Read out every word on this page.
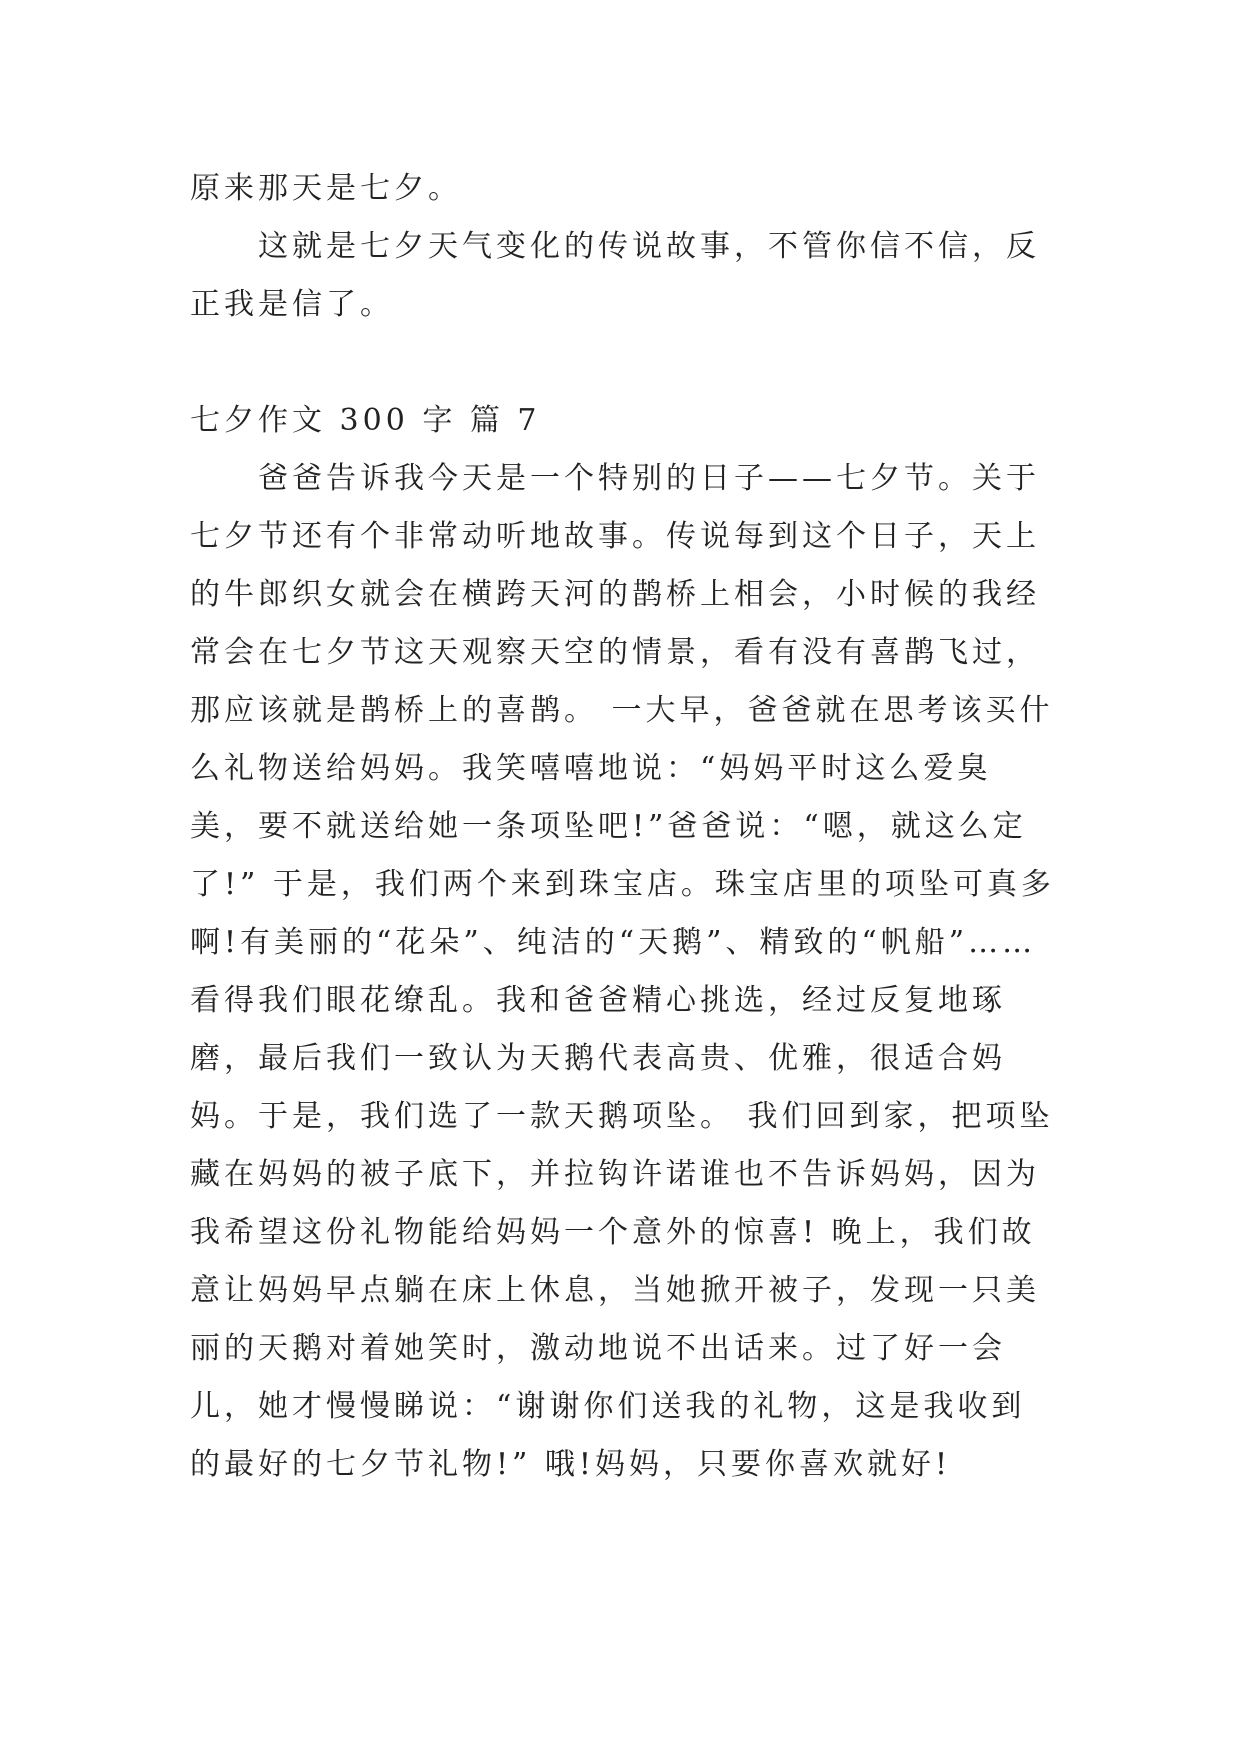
原来那天是七夕。

这就是七夕天气变化的传说故事，不管你信不信，反正我是信了。

七夕作文 300 字 篇 7

爸爸告诉我今天是一个特别的日子——七夕节。关于七夕节还有个非常动听地故事。传说每到这个日子，天上的牛郎织女就会在横跨天河的鹊桥上相会，小时候的我经常会在七夕节这天观察天空的情景，看有没有喜鹊飞过，那应该就是鹊桥上的喜鹊。 一大早，爸爸就在思考该买什么礼物送给妈妈。我笑嘻嘻地说：“妈妈平时这么爱臭美，要不就送给她一条项坠吧!”爸爸说：“嗯，就这么定了!” 于是，我们两个来到珠宝店。珠宝店里的项坠可真多啊!有美丽的“花朵”、纯洁的“天鹅”、精致的“帆船”……看得我们眼花缭乱。我和爸爸精心挑选，经过反复地琢磨，最后我们一致认为天鹅代表高贵、优雅，很适合妈妈。于是，我们选了一款天鹅项坠。 我们回到家，把项坠藏在妈妈的被子底下，并拉钩许诺谁也不告诉妈妈，因为我希望这份礼物能给妈妈一个意外的惊喜! 晚上，我们故意让妈妈早点躺在床上休息，当她掀开被子，发现一只美丽的天鹅对着她笑时，激动地说不出话来。过了好一会儿，她才慢慢睇说：“谢谢你们送我的礼物，这是我收到的最好的七夕节礼物!” 哦!妈妈，只要你喜欢就好!
